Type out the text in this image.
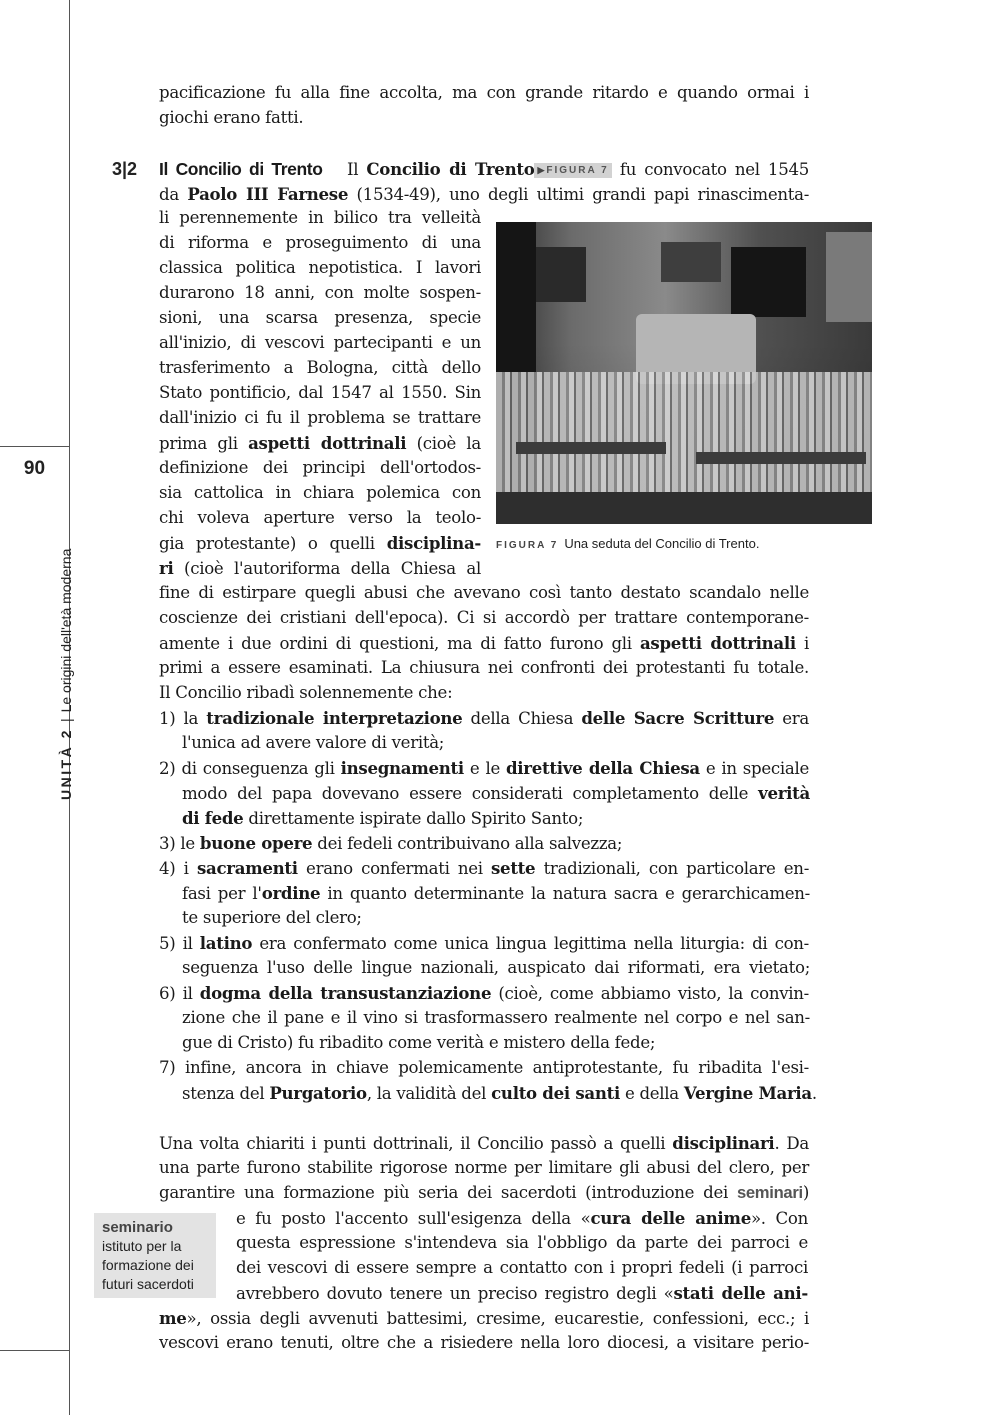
90
UNITÀ 2|Le origini dell'età moderna
pacificazione fu alla fine accolta, ma con grande ritardo e quando ormai i
giochi erano fatti.
3|2 Il Concilio di Trento Il Concilio di Trento ▶ FIGURA 7 fu convocato nel 1545
da Paolo III Farnese (1534-49), uno degli ultimi grandi papi rinascimenta-
li perennemente in bilico tra velleità
di riforma e proseguimento di una
classica politica nepotistica. I lavori
durarono 18 anni, con molte sospen-
sioni, una scarsa presenza, specie
all'inizio, di vescovi partecipanti e un
trasferimento a Bologna, città dello
Stato pontificio, dal 1547 al 1550. Sin
dall'inizio ci fu il problema se trattare
prima gli aspetti dottrinali (cioè la
definizione dei principi dell'ortodos-
sia cattolica in chiara polemica con
chi voleva aperture verso la teolo-
gia protestante) o quelli disciplina-
ri (cioè l'autoriforma della Chiesa al
FIGURA 7 Una seduta del Concilio di Trento.
fine di estirpare quegli abusi che avevano così tanto destato scandalo nelle
coscienze dei cristiani dell'epoca). Ci si accordò per trattare contemporane-
amente i due ordini di questioni, ma di fatto furono gli aspetti dottrinali i
primi a essere esaminati. La chiusura nei confronti dei protestanti fu totale.
Il Concilio ribadì solennemente che:
1) la tradizionale interpretazione della Chiesa delle Sacre Scritture era
l'unica ad avere valore di verità;
2) di conseguenza gli insegnamenti e le direttive della Chiesa e in speciale
modo del papa dovevano essere considerati completamento delle verità
di fede direttamente ispirate dallo Spirito Santo;
3) le buone opere dei fedeli contribuivano alla salvezza;
4) i sacramenti erano confermati nei sette tradizionali, con particolare en-
fasi per l'ordine in quanto determinante la natura sacra e gerarchicamen-
te superiore del clero;
5) il latino era confermato come unica lingua legittima nella liturgia: di con-
seguenza l'uso delle lingue nazionali, auspicato dai riformati, era vietato;
6) il dogma della transustanziazione (cioè, come abbiamo visto, la convin-
zione che il pane e il vino si trasformassero realmente nel corpo e nel san-
gue di Cristo) fu ribadito come verità e mistero della fede;
7) infine, ancora in chiave polemicamente antiprotestante, fu ribadita l'esi-
stenza del Purgatorio, la validità del culto dei santi e della Vergine Maria.
Una volta chiariti i punti dottrinali, il Concilio passò a quelli disciplinari. Da
una parte furono stabilite rigorose norme per limitare gli abusi del clero, per
garantire una formazione più seria dei sacerdoti (introduzione dei seminari)
e fu posto l'accento sull'esigenza della «cura delle anime». Con
questa espressione s'intendeva sia l'obbligo da parte dei parroci e
dei vescovi di essere sempre a contatto con i propri fedeli (i parroci
avrebbero dovuto tenere un preciso registro degli «stati delle ani-
me», ossia degli avvenuti battesimi, cresime, eucarestie, confessioni, ecc.; i
vescovi erano tenuti, oltre che a risiedere nella loro diocesi, a visitare perio-
seminario
istituto per la
formazione dei
futuri sacerdoti
